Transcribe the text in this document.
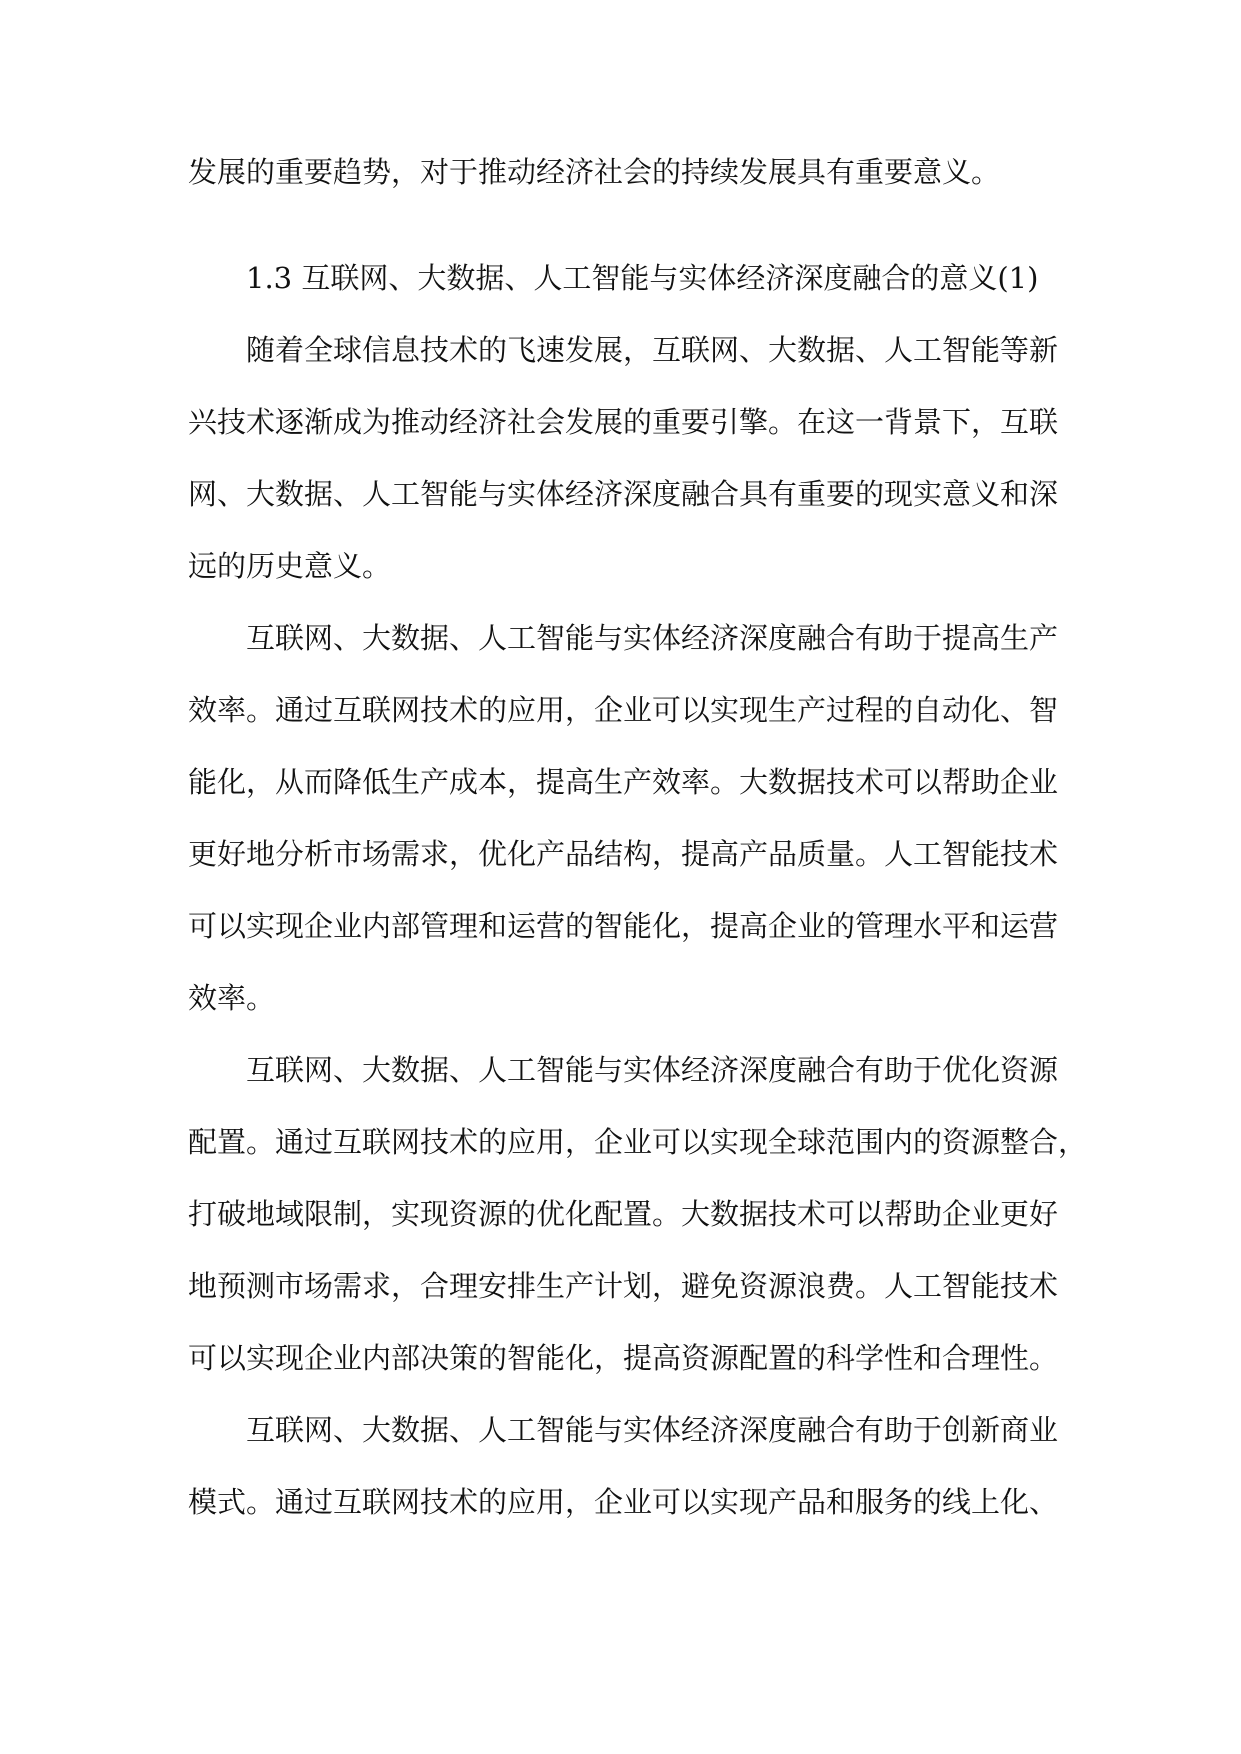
发展的重要趋势，对于推动经济社会的持续发展具有重要意义。

1.3 互联网、大数据、人工智能与实体经济深度融合的意义(1)

随着全球信息技术的飞速发展，互联网、大数据、人工智能等新

兴技术逐渐成为推动经济社会发展的重要引擎。在这一背景下，互联

网、大数据、人工智能与实体经济深度融合具有重要的现实意义和深

远的历史意义。

互联网、大数据、人工智能与实体经济深度融合有助于提高生产

效率。通过互联网技术的应用，企业可以实现生产过程的自动化、智

能化，从而降低生产成本，提高生产效率。大数据技术可以帮助企业

更好地分析市场需求，优化产品结构，提高产品质量。人工智能技术

可以实现企业内部管理和运营的智能化，提高企业的管理水平和运营

效率。

互联网、大数据、人工智能与实体经济深度融合有助于优化资源

配置。通过互联网技术的应用，企业可以实现全球范围内的资源整合，

打破地域限制，实现资源的优化配置。大数据技术可以帮助企业更好

地预测市场需求，合理安排生产计划，避免资源浪费。人工智能技术

可以实现企业内部决策的智能化，提高资源配置的科学性和合理性。

互联网、大数据、人工智能与实体经济深度融合有助于创新商业

模式。通过互联网技术的应用，企业可以实现产品和服务的线上化、
